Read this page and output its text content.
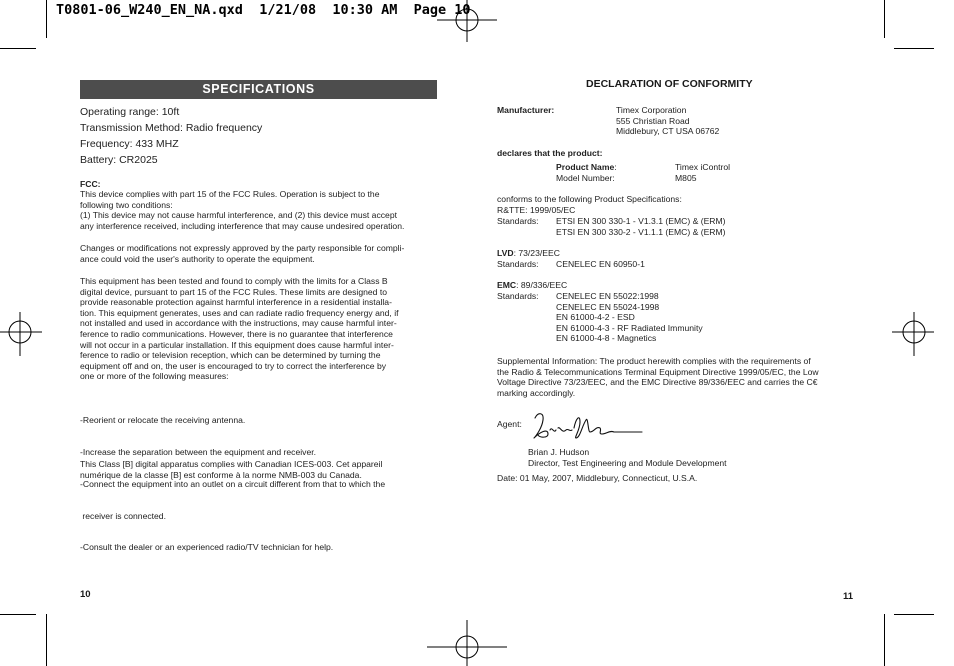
T0801-06_W240_EN_NA.qxd  1/21/08  10:30 AM  Page 10
SPECIFICATIONS
Operating range: 10ft
Transmission Method: Radio frequency
Frequency: 433 MHZ
Battery: CR2025
FCC:
This device complies with part 15 of the FCC Rules. Operation is subject to the
following two conditions:
(1) This device may not cause harmful interference, and (2) this device must accept
any interference received, including interference that may cause undesired operation.
Changes or modifications not expressly approved by the party responsible for compli-
ance could void the user's authority to operate the equipment.
This equipment has been tested and found to comply with the limits for a Class B
digital device, pursuant to part 15 of the FCC Rules. These limits are designed to
provide reasonable protection against harmful interference in a residential installa-
tion. This equipment generates, uses and can radiate radio frequency energy and, if
not installed and used in accordance with the instructions, may cause harmful inter-
ference to radio communications. However, there is no guarantee that interference
will not occur in a particular installation. If this equipment does cause harmful inter-
ference to radio or television reception, which can be determined by turning the
equipment off and on, the user is encouraged to try to correct the interference by
one or more of the following measures:

-Reorient or relocate the receiving antenna.

-Increase the separation between the equipment and receiver.

-Connect the equipment into an outlet on a circuit different from that to which the

receiver is connected.

-Consult the dealer or an experienced radio/TV technician for help.

This Class [B] digital apparatus complies with Canadian ICES-003. Cet appareil
numérique de la classe [B] est conforme à la norme NMB-003 du Canada.
10
DECLARATION OF CONFORMITY
Manufacturer:	Timex Corporation
555 Christian Road
Middlebury, CT USA 06762
declares that the product:
Product Name:	Timex iControl
Model Number:	M805
conforms to the following Product Specifications:
R&TTE: 1999/05/EC
Standards: ETSI EN 300 330-1 - V1.3.1 (EMC) & (ERM)
ETSI EN 300 330-2 - V1.1.1 (EMC) & (ERM)
LVD: 73/23/EEC
Standards: CENELEC EN 60950-1
EMC: 89/336/EEC
Standards: CENELEC EN 55022:1998
CENELEC EN 55024-1998
EN 61000-4-2 - ESD
EN 61000-4-3 - RF Radiated Immunity
EN 61000-4-8 - Magnetics
Supplemental Information: The product herewith complies with the requirements of
the Radio & Telecommunications Terminal Equipment Directive 1999/05/EC, the Low
Voltage Directive 73/23/EEC, and the EMC Directive 89/336/EEC and carries the C€
marking accordingly.
Agent:
Brian J. Hudson
Director, Test Engineering and Module Development
Date: 01 May, 2007, Middlebury, Connecticut, U.S.A.
11
